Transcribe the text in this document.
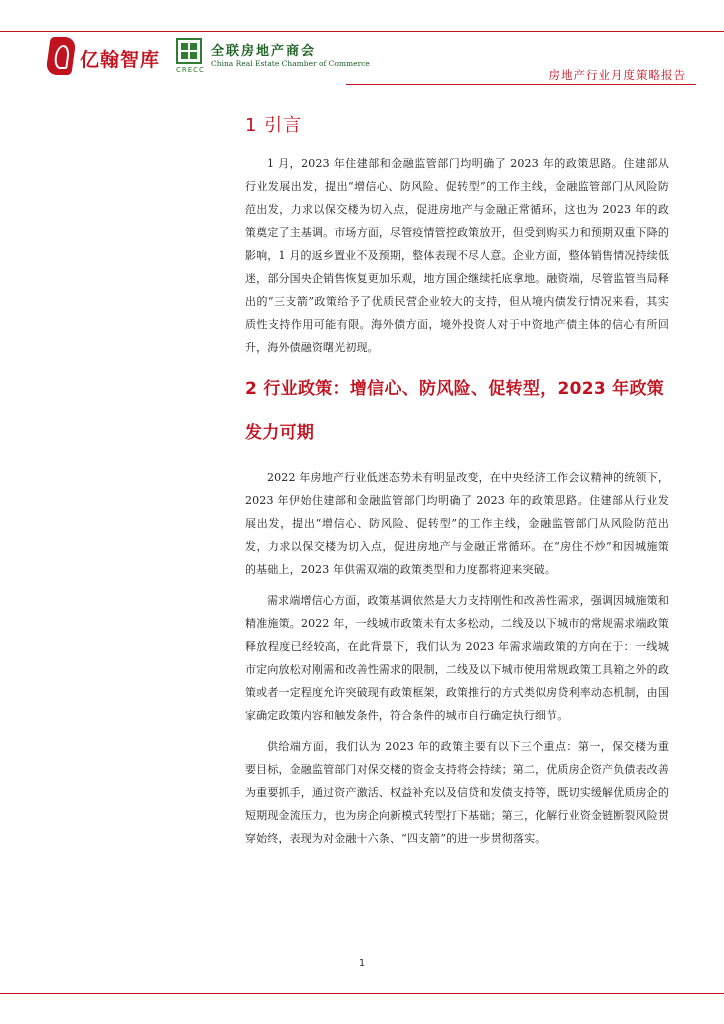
亿翰智库 CRECC
全联房地产商会
China Real Estate Chamber of Commerce
房地产行业月度策略报告
1 引言

1 月，2023 年住建部和金融监管部门均明确了 2023 年的政策思路。住建部从行业发展出发，提出“增信心、防风险、促转型”的工作主线，金融监管部门从风险防范出发，力求以保交楼为切入点，促进房地产与金融正常循环，这也为 2023 年的政策奠定了主基调。市场方面，尽管疫情管控政策放开，但受到购买力和预期双重下降的影响，1 月的返乡置业不及预期，整体表现不尽人意。企业方面，整体销售情况持续低迷，部分国央企销售恢复更加乐观，地方国企继续托底拿地。融资端，尽管监管当局释出的“三支箭”政策给予了优质民营企业较大的支持，但从境内债发行情况来看，其实质性支持作用可能有限。海外债方面，境外投资人对于中资地产债主体的信心有所回升，海外债融资曙光初现。

2 行业政策：增信心、防风险、促转型，2023 年政策发力可期

2022 年房地产行业低迷态势未有明显改变，在中央经济工作会议精神的统领下，2023 年伊始住建部和金融监管部门均明确了 2023 年的政策思路。住建部从行业发展出发，提出“增信心、防风险、促转型”的工作主线，金融监管部门从风险防范出发，力求以保交楼为切入点，促进房地产与金融正常循环。在“房住不炒”和因城施策的基础上，2023 年供需双端的政策类型和力度都将迎来突破。

需求端增信心方面，政策基调依然是大力支持刚性和改善性需求，强调因城施策和精准施策。2022 年，一线城市政策未有太多松动，二线及以下城市的常规需求端政策释放程度已经较高，在此背景下，我们认为 2023 年需求端政策的方向在于：一线城市定向放松对刚需和改善性需求的限制，二线及以下城市使用常规政策工具箱之外的政策或者一定程度允许突破现有政策框架，政策推行的方式类似房贷利率动态机制，由国家确定政策内容和触发条件，符合条件的城市自行确定执行细节。

供给端方面，我们认为 2023 年的政策主要有以下三个重点：第一，保交楼为重要目标，金融监管部门对保交楼的资金支持将会持续；第二，优质房企资产负债表改善为重要抓手，通过资产激活、权益补充以及信贷和发债支持等，既切实缓解优质房企的短期现金流压力，也为房企向新模式转型打下基础；第三，化解行业资金链断裂风险贯穿始终，表现为对金融十六条、“四支箭”的进一步贯彻落实。

1
